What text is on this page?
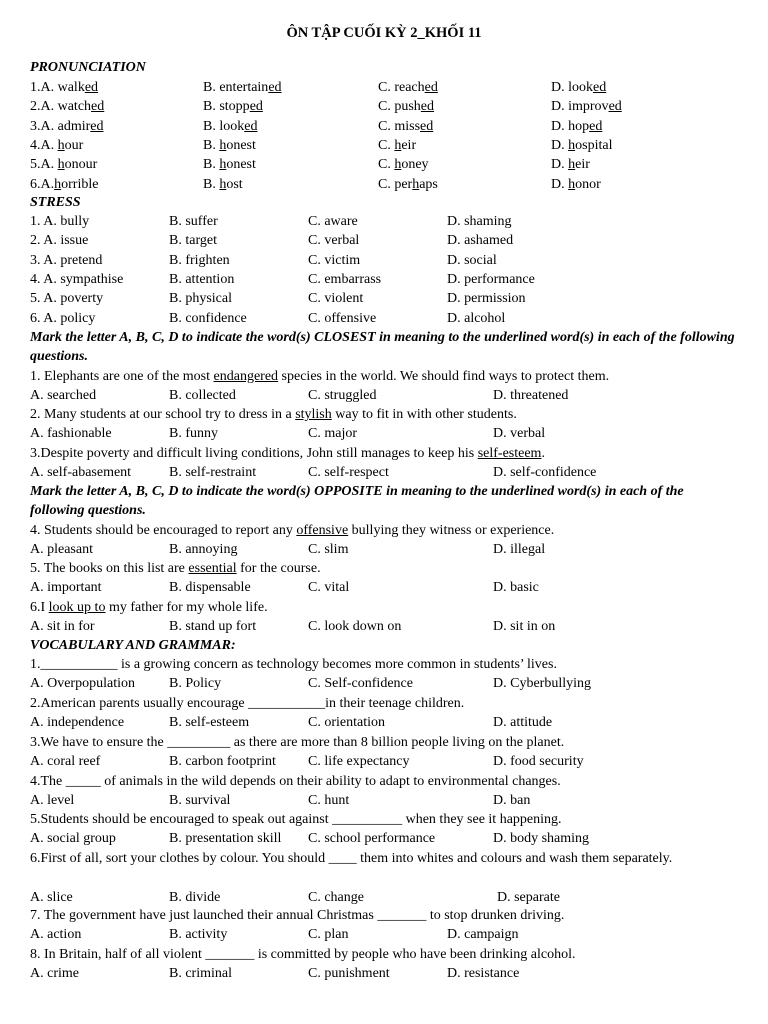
ÔN TẬP CUỐI KỲ 2_KHỐI 11
PRONUNCIATION
1.A. walked	B. entertained	C. reached	D. looked
2.A. watched	B. stopped	C. pushed	D. improved
3.A. admired	B. looked	C. missed	D. hoped
4.A. hour	B. honest	C. heir	D. hospital
5.A. honour	B. honest	C. honey	D. heir
6.A.horrible	B. host	C. perhaps	D. honor
STRESS
1. A. bully	B. suffer	C. aware	D. shaming
2. A. issue	B. target	C. verbal	D. ashamed
3. A. pretend	B. frighten	C. victim	D. social
4. A. sympathise	B. attention	C. embarrass	D. performance
5. A. poverty	B. physical	C. violent	D. permission
6. A. policy	B. confidence	C. offensive	D. alcohol
Mark the letter A, B, C, D to indicate the word(s) CLOSEST in meaning to the underlined word(s) in each of the following questions.
1. Elephants are one of the most endangered species in the world. We should find ways to protect them.
A. searched	B. collected	C. struggled	D. threatened
2. Many students at our school try to dress in a stylish way to fit in with other students.
A. fashionable	B. funny	C. major	D. verbal
3.Despite poverty and difficult living conditions, John still manages to keep his self-esteem.
A. self-abasement	B. self-restraint	C. self-respect	D. self-confidence
Mark the letter A, B, C, D to indicate the word(s) OPPOSITE in meaning to the underlined word(s) in each of the following questions.
4. Students should be encouraged to report any offensive bullying they witness or experience.
A. pleasant	B. annoying	C. slim	D. illegal
5. The books on this list are essential for the course.
A. important	B. dispensable	C. vital	D. basic
6.I look up to my father for my whole life.
A. sit in for	B. stand up fort	C. look down on	D. sit in on
VOCABULARY AND GRAMMAR:
1.___________ is a growing concern as technology becomes more common in students’ lives.
A. Overpopulation B. Policy	C. Self-confidence	D. Cyberbullying
2.American parents usually encourage ___________in their teenage children.
A. independence	B. self-esteem	C. orientation	D. attitude
3.We have to ensure the _________ as there are more than 8 billion people living on the planet.
A. coral reef	B. carbon footprint C. life expectancy	D. food security
4.The _____ of animals in the wild depends on their ability to adapt to environmental changes.
A. level	B. survival	C. hunt	D. ban
5.Students should be encouraged to speak out against __________ when they see it happening.
A. social group	B. presentation skill C. school performance	D. body shaming
6.First of all, sort your clothes by colour. You should ____ them into whites and colours and wash them separately.
A. slice	B. divide	C. change	D. separate
7. The government have just launched their annual Christmas _______ to stop drunken driving.
A. action	B. activity	C. plan	D. campaign
8. In Britain, half of all violent _______ is committed by people who have been drinking alcohol.
A. crime	B. criminal	C. punishment	D. resistance
